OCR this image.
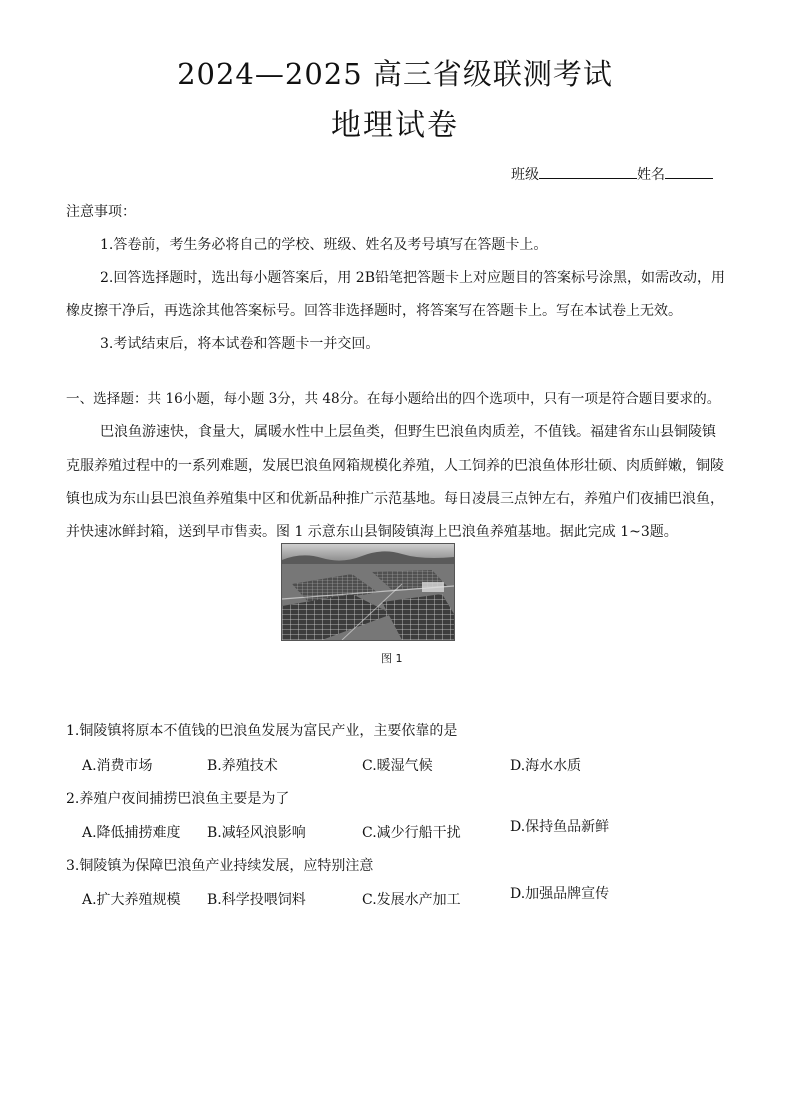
2024—2025 高三省级联测考试
地理试卷
班级	姓名
注意事项：
1.答卷前，考生务必将自己的学校、班级、姓名及考号填写在答题卡上。
2.回答选择题时，选出每小题答案后，用 2B铅笔把答题卡上对应题目的答案标号涂黑，如需改动，用
橡皮擦干净后，再选涂其他答案标号。回答非选择题时，将答案写在答题卡上。写在本试卷上无效。
3.考试结束后，将本试卷和答题卡一并交回。
一、选择题：共 16小题，每小题 3分，共 48分。在每小题给出的四个选项中，只有一项是符合题目要求的。
巴浪鱼游速快，食量大，属暖水性中上层鱼类，但野生巴浪鱼肉质差，不值钱。福建省东山县铜陵镇
克服养殖过程中的一系列难题，发展巴浪鱼网箱规模化养殖，人工饲养的巴浪鱼体形壮硕、肉质鲜嫩，铜陵
镇也成为东山县巴浪鱼养殖集中区和优新品种推广示范基地。每日凌晨三点钟左右，养殖户们夜捕巴浪鱼，
并快速冰鲜封箱，送到早市售卖。图 1 示意东山县铜陵镇海上巴浪鱼养殖基地。据此完成 1~3题。
图 1
1.铜陵镇将原本不值钱的巴浪鱼发展为富民产业，主要依靠的是
A.消费市场	B.养殖技术	C.暖湿气候	D.海水水质
2.养殖户夜间捕捞巴浪鱼主要是为了
A.降低捕捞难度 B.减轻风浪影响	C.减少行船干扰	D.保持鱼品新鲜
3.铜陵镇为保障巴浪鱼产业持续发展，应特别注意
A.扩大养殖规模 B.科学投喂饲料	C.发展水产加工	D.加强品牌宣传
